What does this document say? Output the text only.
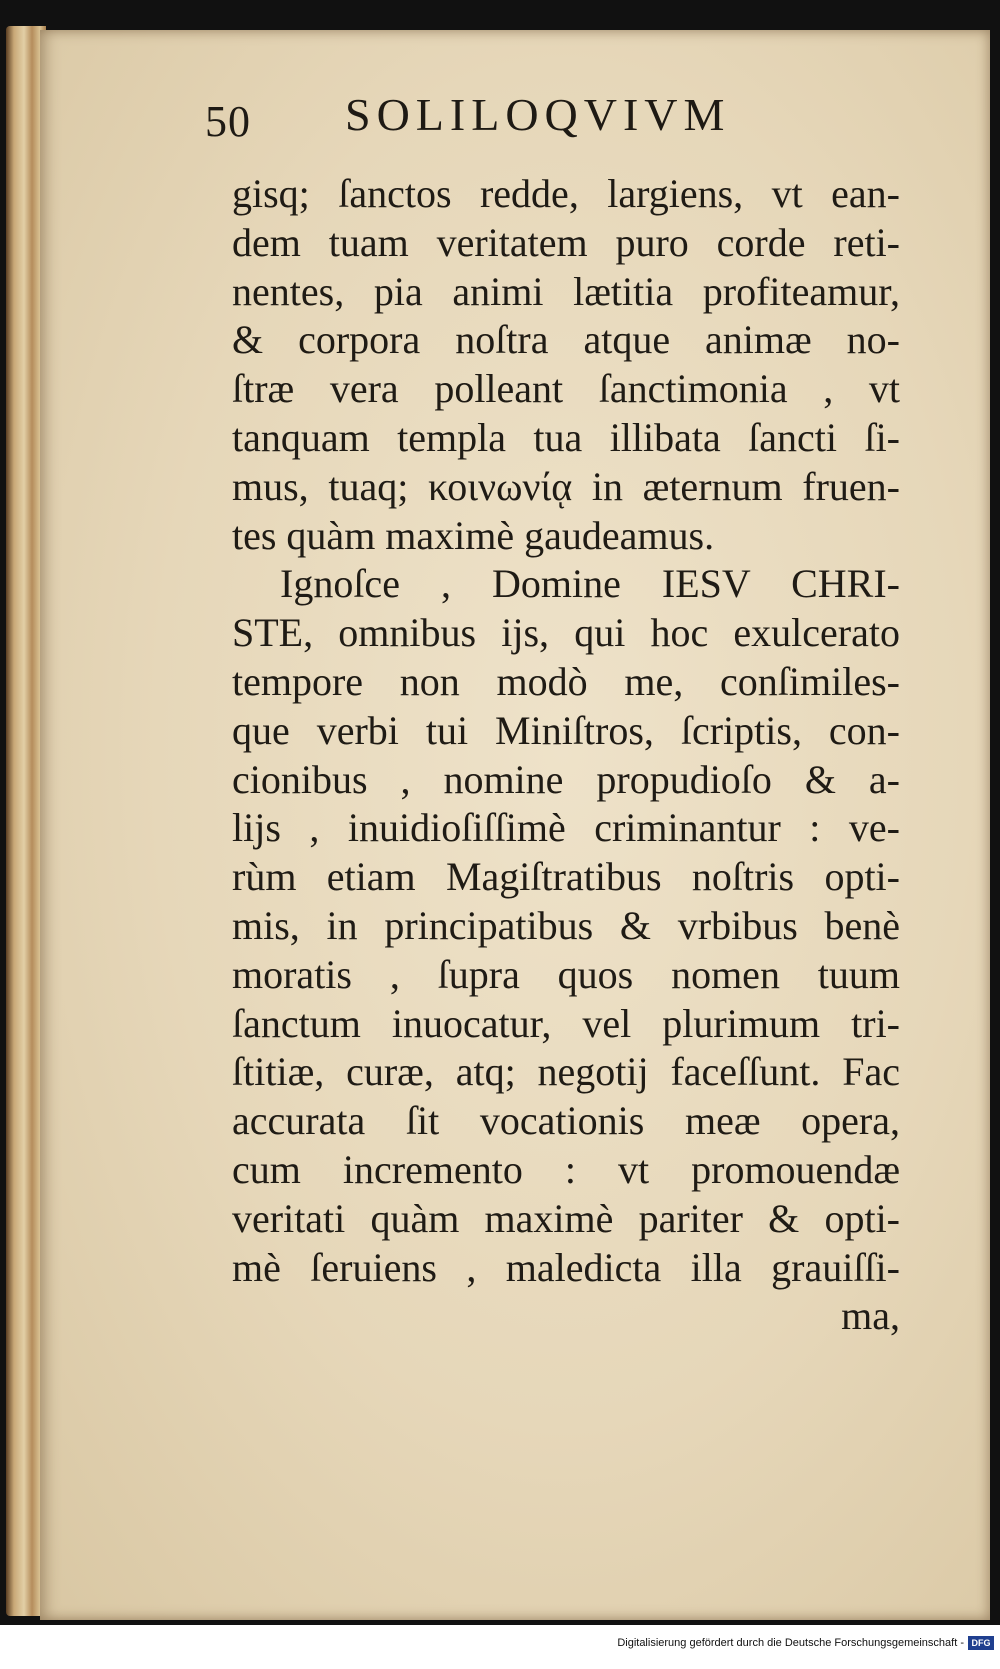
50 SOLILOQVIVM
gisq; ſanctos redde, largiens, vt ean-
dem tuam veritatem puro corde reti-
nentes, pia animi lætitia profiteamur,
& corpora noſtra atque animæ no-
ſtræ vera polleant ſanctimonia , vt
tanquam templa tua illibata ſancti ſi-
mus, tuaq; κοινωνίᾳ in æternum fruen-
tes quàm maximè gaudeamus.
Ignoſce , Domine IESV CHRI-
STE, omnibus ijs, qui hoc exulcerato
tempore non modò me, conſimiles-
que verbi tui Miniſtros, ſcriptis, con-
cionibus , nomine propudioſo & a-
lijs , inuidioſiſſimè criminantur : ve-
rùm etiam Magiſtratibus noſtris opti-
mis, in principatibus & vrbibus benè
moratis , ſupra quos nomen tuum
ſanctum inuocatur, vel plurimum tri-
ſtitiæ, curæ, atq; negotij faceſſunt. Fac
accurata ſit vocationis meæ opera,
cum incremento : vt promouendæ
veritati quàm maximè pariter & opti-
mè ſeruiens , maledicta illa grauiſſi-
ma,
Digitalisierung gefördert durch die Deutsche Forschungsgemeinschaft - DFG
